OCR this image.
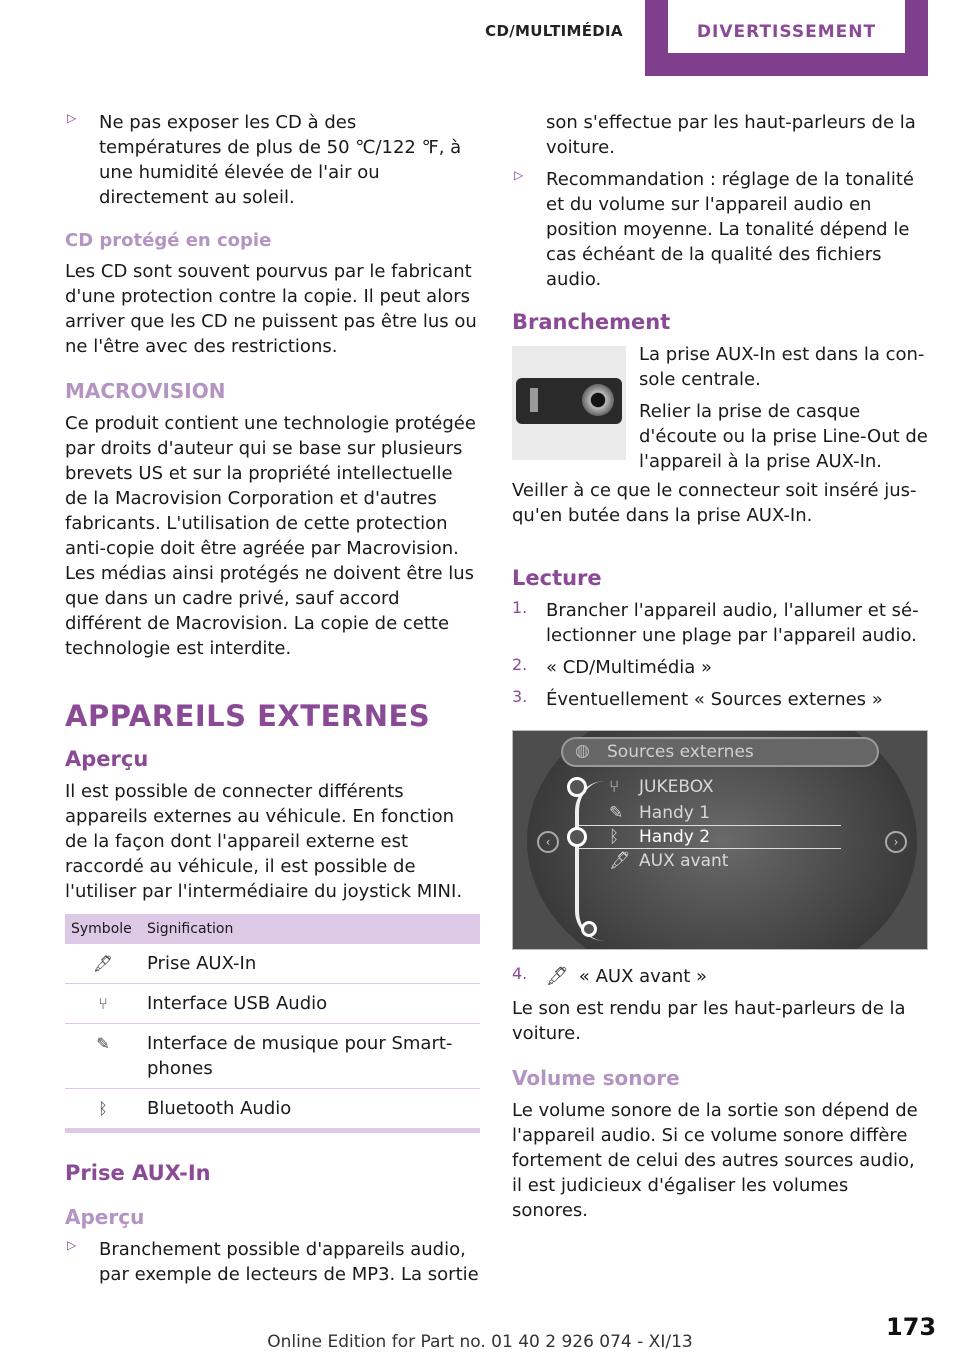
CD/MULTIMÉDIA	DIVERTISSEMENT
▷ Ne pas exposer les CD à des températures de plus de 50 ℃/122 ℉, à une humidité élevée de l'air ou directement au soleil.

CD protégé en copie

Les CD sont souvent pourvus par le fabricant d'une protection contre la copie. Il peut alors arriver que les CD ne puissent pas être lus ou ne l'être avec des restrictions.

MACROVISION

Ce produit contient une technologie protégée par droits d'auteur qui se base sur plusieurs brevets US et sur la propriété intellectuelle de la Macrovision Corporation et d'autres fabricants. L'utilisation de cette protection anti-copie doit être agréée par Macrovision. Les médias ainsi protégés ne doivent être lus que dans un cadre privé, sauf accord différent de Macrovision. La copie de cette technologie est interdite.

APPAREILS EXTERNES
Aperçu

Il est possible de connecter différents appareils externes au véhicule. En fonction de la façon dont l'appareil externe est raccordé au véhicule, il est possible de l'utiliser par l'intermédiaire du joystick MINI.

Symbole	Signification
🖋	Prise AUX-In
⑂	Interface USB Audio
✎	Interface de musique pour Smartphones
ᛒ	Bluetooth Audio
Prise AUX-In
Aperçu
▷ Branchement possible d'appareils audio, par exemple de lecteurs de MP3. La sortie

son s'effectue par les haut-parleurs de la voiture.

▷ Recommandation : réglage de la tonalité et du volume sur l'appareil audio en position moyenne. La tonalité dépend le cas échéant de la qualité des fichiers audio.

Branchement

La prise AUX-In est dans la console centrale.

Relier la prise de casque d'écoute ou la prise Line-Out de l'appareil à la prise AUX-In.

Veiller à ce que le connecteur soit inséré jusqu'en butée dans la prise AUX-In.

Lecture
1. Brancher l'appareil audio, l'allumer et sélectionner une plage par l'appareil audio.

2. « CD/Multimédia »

3. Éventuellement « Sources externes »

◍ Sources externes
‹	›
⑂ JUKEBOX
✎ Handy 1
ᛒ Handy 2
🖋 AUX avant
4. 🖋 « AUX avant »

Le son est rendu par les haut-parleurs de la voiture.

Volume sonore

Le volume sonore de la sortie son dépend de l'appareil audio. Si ce volume sonore diffère fortement de celui des autres sources audio, il est judicieux d'égaliser les volumes sonores.

173
Online Edition for Part no. 01 40 2 926 074 - XI/13
